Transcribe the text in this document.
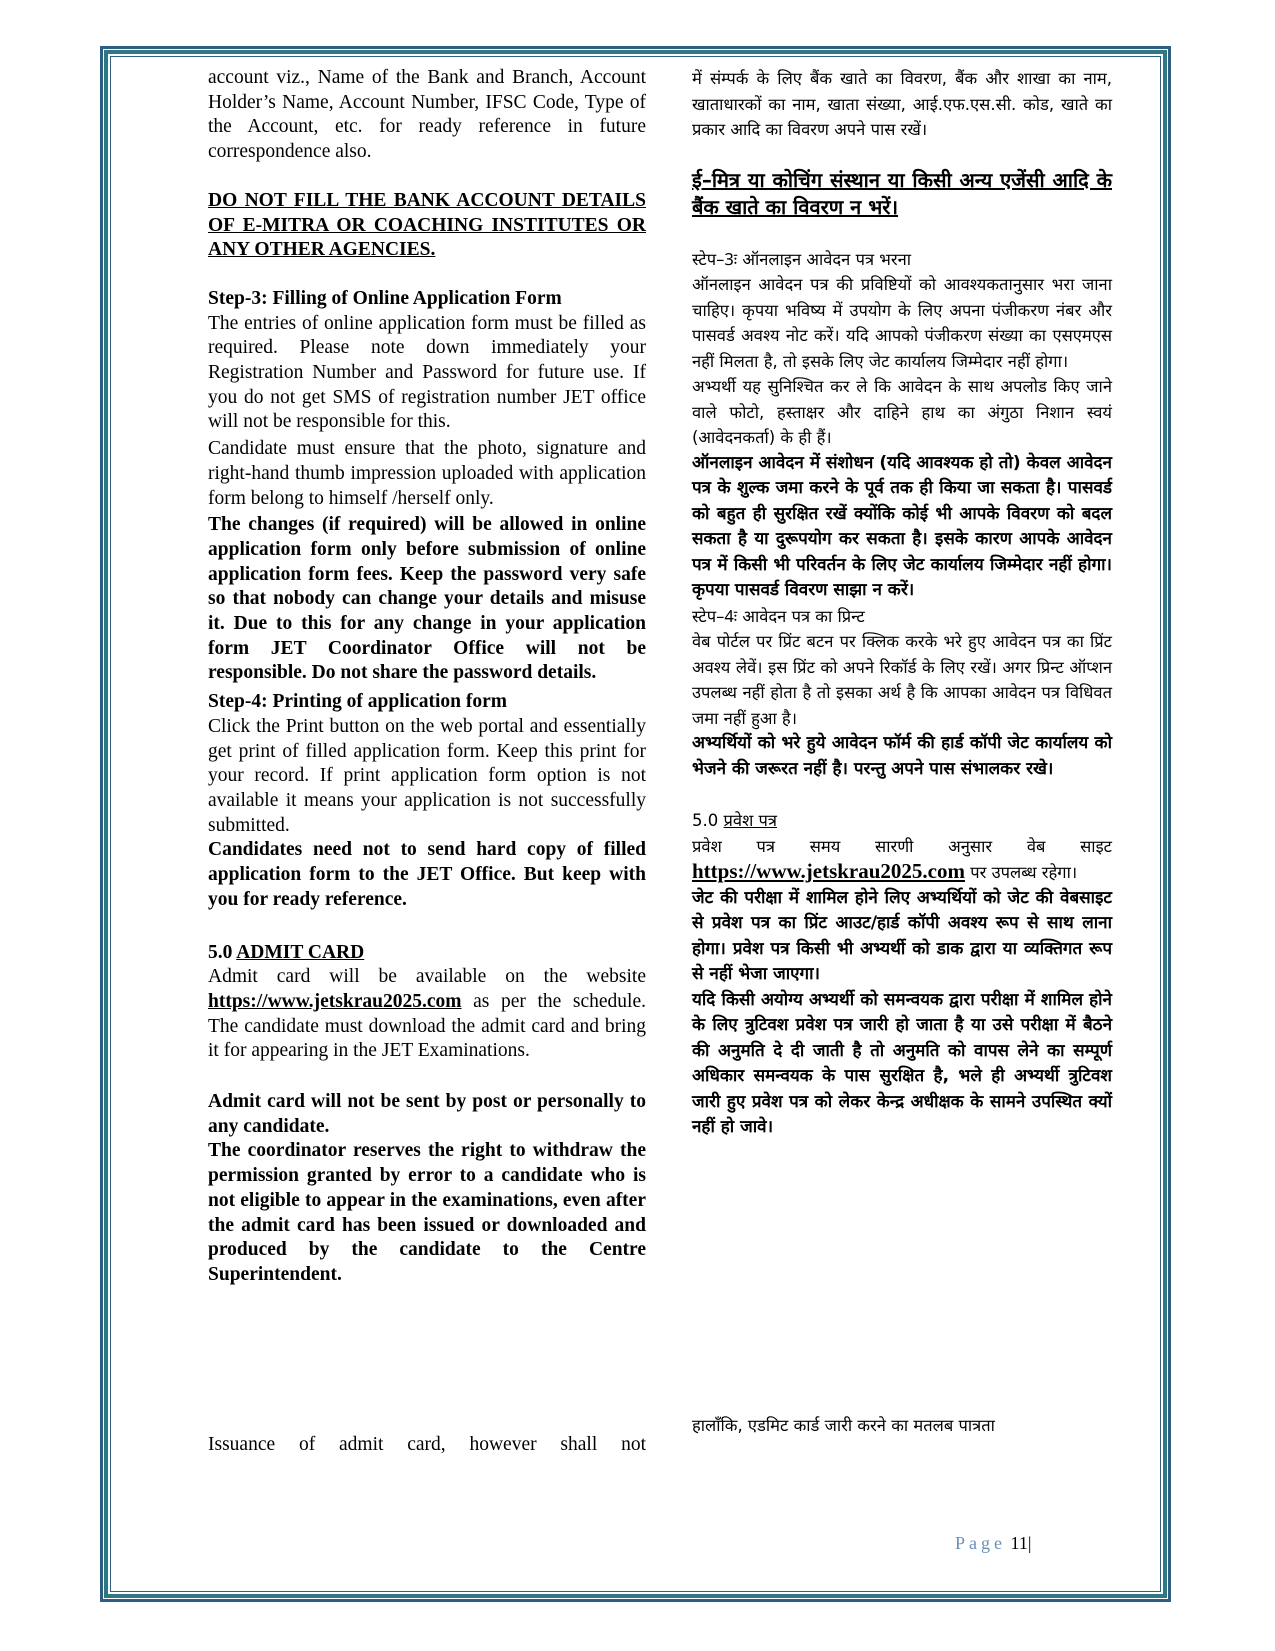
account viz., Name of the Bank and Branch, Account Holder’s Name, Account Number, IFSC Code, Type of the Account, etc. for ready reference in future correspondence also.

DO NOT FILL THE BANK ACCOUNT DETAILS OF E-MITRA OR COACHING INSTITUTES OR ANY OTHER AGENCIES.

Step-3: Filling of Online Application Form

The entries of online application form must be filled as required. Please note down immediately your Registration Number and Password for future use. If you do not get SMS of registration number JET office will not be responsible for this.

Candidate must ensure that the photo, signature and right-hand thumb impression uploaded with application form belong to himself /herself only.

The changes (if required) will be allowed in online application form only before submission of online application form fees. Keep the password very safe so that nobody can change your details and misuse it. Due to this for any change in your application form JET Coordinator Office will not be responsible. Do not share the password details.

Step-4: Printing of application form

Click the Print button on the web portal and essentially get print of filled application form. Keep this print for your record. If print application form option is not available it means your application is not successfully submitted.

Candidates need not to send hard copy of filled application form to the JET Office. But keep with you for ready reference.

5.0 ADMIT CARD

Admit card will be available on the website https://www.jetskrau2025.com as per the schedule. The candidate must download the admit card and bring it for appearing in the JET Examinations.

Admit card will not be sent by post or personally to any candidate.

The coordinator reserves the right to withdraw the permission granted by error to a candidate who is not eligible to appear in the examinations, even after the admit card has been issued or downloaded and produced by the candidate to the Centre Superintendent.

Issuance of admit card, however shall not

में संम्पर्क के लिए बैंक खाते का विवरण, बैंक और शाखा का नाम, खाताधारकों का नाम, खाता संख्या, आई.एफ.एस.सी. कोड, खाते का प्रकार आदि का विवरण अपने पास रखें।

ई–मित्र या कोचिंग संस्थान या किसी अन्य एजेंसी आदि के बैंक खाते का विवरण न भरें।

स्टेप–3ः ऑनलाइन आवेदन पत्र भरना

ऑनलाइन आवेदन पत्र की प्रविष्टियों को आवश्यकतानुसार भरा जाना चाहिए। कृपया भविष्य में उपयोग के लिए अपना पंजीकरण नंबर और पासवर्ड अवश्य नोट करें। यदि आपको पंजीकरण संख्या का एसएमएस नहीं मिलता है, तो इसके लिए जेट कार्यालय जिम्मेदार नहीं होगा।

अभ्यर्थी यह सुनिश्चित कर ले कि आवेदन के साथ अपलोड किए जाने वाले फोटो, हस्ताक्षर और दाहिने हाथ का अंगुठा निशान स्वयं (आवेदनकर्ता) के ही हैं।

ऑनलाइन आवेदन में संशोधन (यदि आवश्यक हो तो) केवल आवेदन पत्र के शुल्क जमा करने के पूर्व तक ही किया जा सकता है। पासवर्ड को बहुत ही सुरक्षित रखें क्योंकि कोई भी आपके विवरण को बदल सकता है या दुरूपयोग कर सकता है। इसके कारण आपके आवेदन पत्र में किसी भी परिवर्तन के लिए जेट कार्यालय जिम्मेदार नहीं होगा। कृपया पासवर्ड विवरण साझा न करें।

स्टेप–4ः आवेदन पत्र का प्रिन्ट

वेब पोर्टल पर प्रिंट बटन पर क्लिक करके भरे हुए आवेदन पत्र का प्रिंट अवश्य लेवें। इस प्रिंट को अपने रिकॉर्ड के लिए रखें। अगर प्रिन्ट ऑप्शन उपलब्ध नहीं होता है तो इसका अर्थ है कि आपका आवेदन पत्र विधिवत जमा नहीं हुआ है।

अभ्यर्थियों को भरे हुये आवेदन फॉर्म की हार्ड कॉपी जेट कार्यालय को भेजने की जरूरत नहीं है। परन्तु अपने पास संभालकर रखे।

5.0 प्रवेश पत्र

प्रवेश पत्र समय सारणी अनुसार वेब साइट https://www.jetskrau2025.com पर उपलब्ध रहेगा।

जेट की परीक्षा में शामिल होने लिए अभ्यर्थियों को जेट की वेबसाइट से प्रवेश पत्र का प्रिंट आउट/हार्ड कॉपी अवश्य रूप से साथ लाना होगा। प्रवेश पत्र किसी भी अभ्यर्थी को डाक द्वारा या व्यक्तिगत रूप से नहीं भेजा जाएगा।

यदि किसी अयोग्य अभ्यर्थी को समन्वयक द्वारा परीक्षा में शामिल होने के लिए त्रुटिवश प्रवेश पत्र जारी हो जाता है या उसे परीक्षा में बैठने की अनुमति दे दी जाती है तो अनुमति को वापस लेने का सम्पूर्ण अधिकार समन्वयक के पास सुरक्षित है, भले ही अभ्यर्थी त्रुटिवश जारी हुए प्रवेश पत्र को लेकर केन्द्र अधीक्षक के सामने उपस्थित क्यों नहीं हो जावे।

हालाँकि, एडमिट कार्ड जारी करने का मतलब पात्रता

Page 11|
